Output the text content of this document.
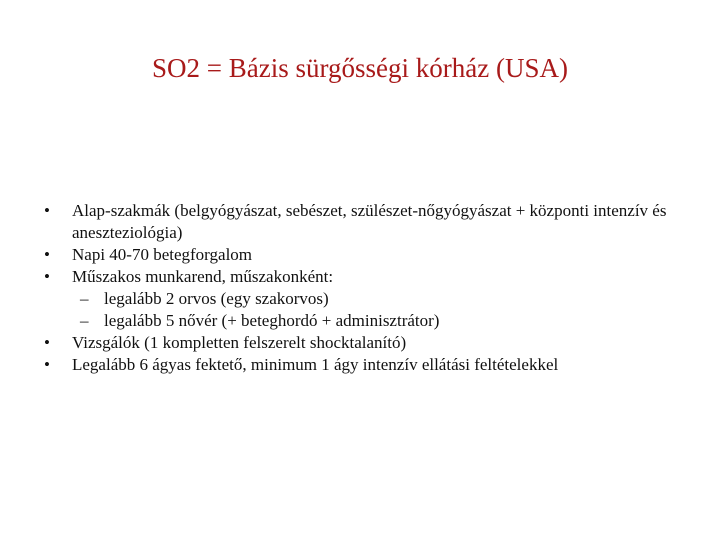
SO2 = Bázis sürgősségi kórház (USA)
• Alap-szakmák (belgyógyászat, sebészet, szülészet-nőgyógyászat + központi intenzív és aneszteziológia)
• Napi 40-70 betegforgalom
• Műszakos munkarend, műszakonként:
– legalább 2 orvos (egy szakorvos)
– legalább 5 nővér (+ beteghordó + adminisztrátor)
• Vizsgálók (1 kompletten felszerelt shocktalanító)
• Legalább 6 ágyas fektető, minimum 1 ágy intenzív ellátási feltételekkel
